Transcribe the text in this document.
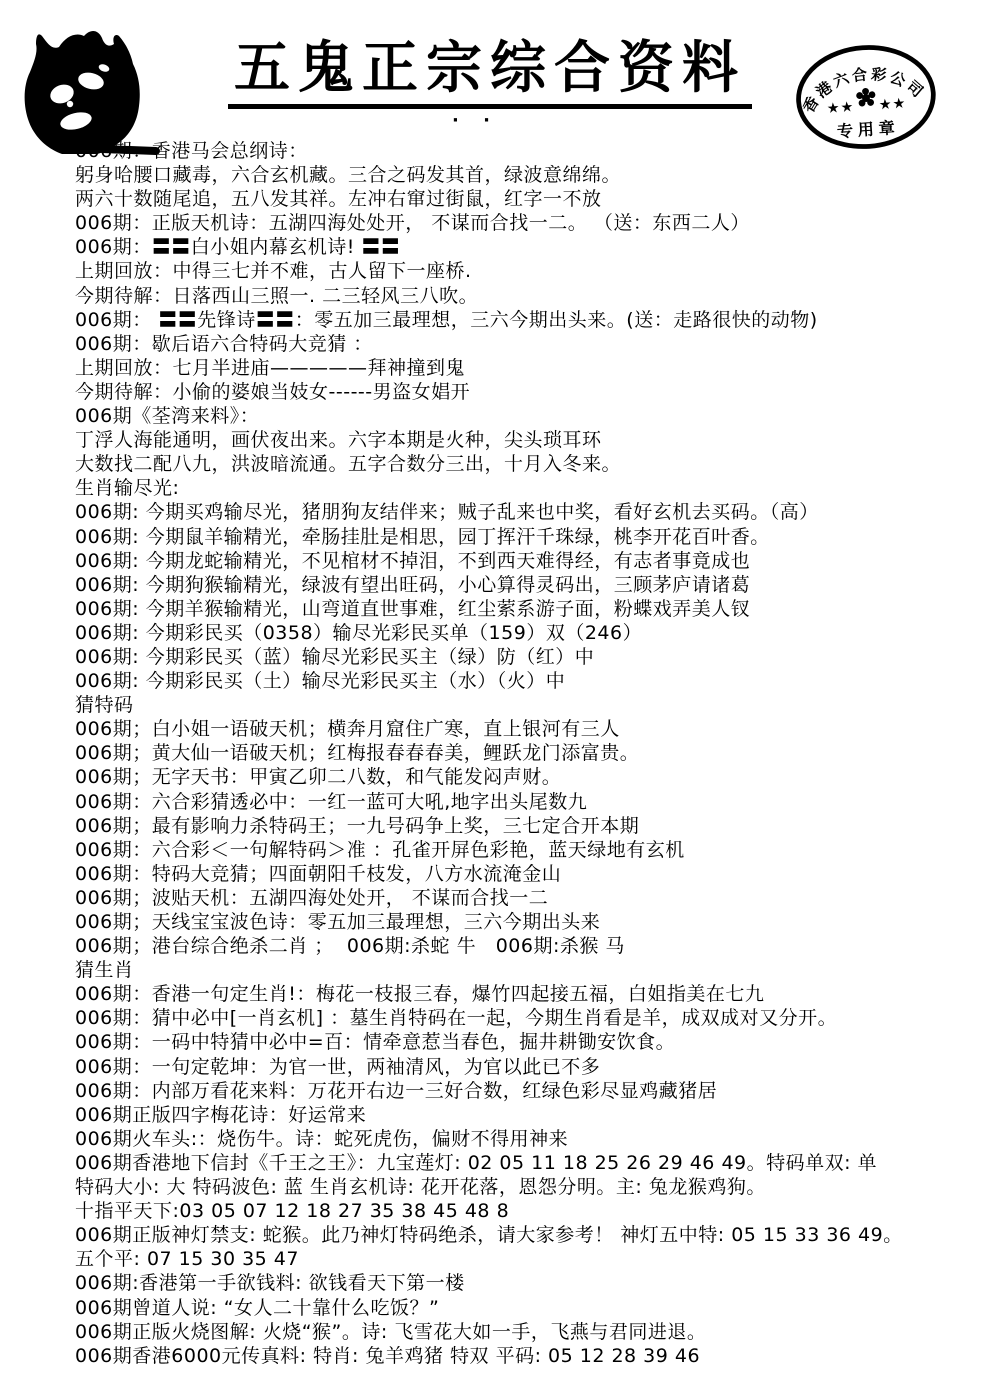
五鬼正宗综合资料
· ·
香港六合彩公司
★★ ★★
专用章
006期：香港马会总纲诗：
躬身哈腰口藏毒，六合玄机藏。三合之码发其首，绿波意绵绵。
两六十数随尾追，五八发其祥。左冲右窜过街鼠，红字一不放
006期：正版天机诗：五湖四海处处开， 不谋而合找一二。 （送：东西二人）
006期：〓〓白小姐内幕玄机诗! 〓〓
上期回放：中得三七并不难，古人留下一座桥.
今期待解：日落西山三照一. 二三轻风三八吹。
006期： 〓〓先锋诗〓〓：零五加三最理想，三六今期出头来。(送：走路很快的动物)
006期：歇后语六合特码大竞猜 ：
上期回放：七月半进庙—————拜神撞到鬼
今期待解：小偷的婆娘当妓女------男盗女娼开
006期《荃湾来料》：
丁浮人海能通明，画伏夜出来。六字本期是火种，尖头琐耳环
大数找二配八九，洪波暗流通。五字合数分三出，十月入冬来。
生肖输尽光:
006期: 今期买鸡输尽光，猪朋狗友结伴来；贼子乱来也中奖，看好玄机去买码。（高）
006期: 今期鼠羊输精光，牵肠挂肚是相思，园丁挥汗千珠绿，桃李开花百叶香。
006期: 今期龙蛇输精光，不见棺材不掉泪，不到西天难得经，有志者事竟成也
006期: 今期狗猴输精光，绿波有望出旺码，小心算得灵码出，三顾茅庐请诸葛
006期: 今期羊猴输精光，山弯道直世事难，红尘萦系游子面，粉蝶戏弄美人钗
006期: 今期彩民买（0358）输尽光彩民买单（159）双（246）
006期: 今期彩民买（蓝）输尽光彩民买主（绿）防（红）中
006期: 今期彩民买（土）输尽光彩民买主（水）（火）中
猜特码
006期；白小姐一语破天机；横奔月窟住广寒，直上银河有三人
006期；黄大仙一语破天机；红梅报春春春美，鲤跃龙门添富贵。
006期；无字天书：甲寅乙卯二八数，和气能发闷声财。
006期：六合彩猜透必中：一红一蓝可大吼,地字出头尾数九
006期；最有影响力杀特码王；一九号码争上奖，三七定合开本期
006期：六合彩＜一句解特码＞准 ：孔雀开屏色彩艳，蓝天绿地有玄机
006期：特码大竞猜；四面朝阳千枝发，八方水流淹金山
006期；波贴天机：五湖四海处处开， 不谋而合找一二
006期；天线宝宝波色诗：零五加三最理想，三六今期出头来
006期；港台综合绝杀二肖 ；  006期:杀蛇 牛   006期:杀猴 马
猜生肖
006期：香港一句定生肖!：梅花一枝报三春，爆竹四起接五福，白姐指美在七九
006期：猜中必中[一肖玄机] ：墓生肖特码在一起，今期生肖看是羊，成双成对又分开。
006期：一码中特猜中必中=百：情牵意惹当春色，掘井耕锄安饮食。
006期：一句定乾坤：为官一世，两袖清风，为官以此已不多
006期：内部万看花来料：万花开右边一三好合数，红绿色彩尽显鸡藏猪居
006期正版四字梅花诗：好运常来
006期火车头:：烧伤牛。诗：蛇死虎伤，偏财不得用神来
006期香港地下信封《千王之王》：九宝莲灯: 02 05 11 18 25 26 29 46 49。特码单双: 单
特码大小: 大 特码波色: 蓝 生肖玄机诗: 花开花落，恩怨分明。主: 兔龙猴鸡狗。
十指平天下:03 05 07 12 18 27 35 38 45 48 8
006期正版神灯禁支: 蛇猴。此乃神灯特码绝杀，请大家参考！ 神灯五中特: 05 15 33 36 49。
五个平: 07 15 30 35 47
006期:香港第一手欲钱料: 欲钱看天下第一楼
006期曾道人说: “女人二十靠什么吃饭？”
006期正版火烧图解: 火烧“猴”。诗: 飞雪花大如一手，飞燕与君同进退。
006期香港6000元传真料: 特肖: 兔羊鸡猪 特双 平码: 05 12 28 39 46
